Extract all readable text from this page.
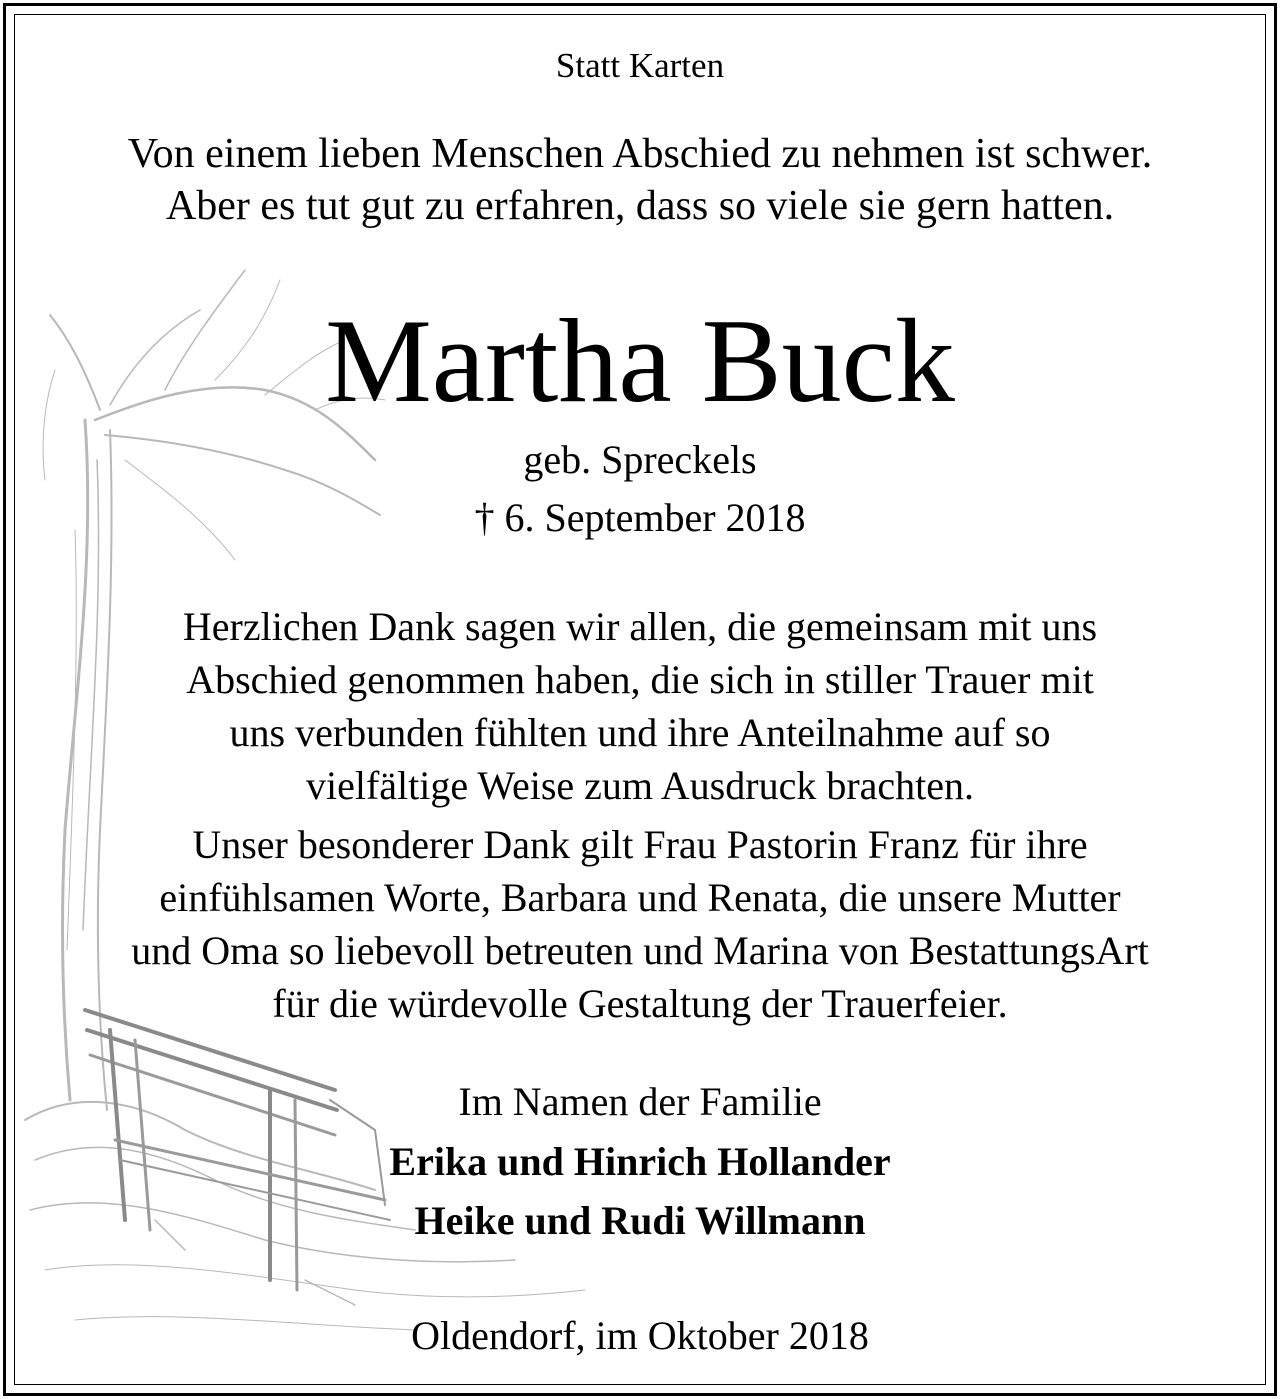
Statt Karten
Von einem lieben Menschen Abschied zu nehmen ist schwer.
Aber es tut gut zu erfahren, dass so viele sie gern hatten.
Martha Buck
geb. Spreckels
† 6. September 2018
Herzlichen Dank sagen wir allen, die gemeinsam mit uns
Abschied genommen haben, die sich in stiller Trauer mit
uns verbunden fühlten und ihre Anteilnahme auf so
vielfältige Weise zum Ausdruck brachten.
Unser besonderer Dank gilt Frau Pastorin Franz für ihre
einfühlsamen Worte, Barbara und Renata, die unsere Mutter
und Oma so liebevoll betreuten und Marina von BestattungsArt
für die würdevolle Gestaltung der Trauerfeier.
Im Namen der Familie
Erika und Hinrich Hollander
Heike und Rudi Willmann
Oldendorf, im Oktober 2018
